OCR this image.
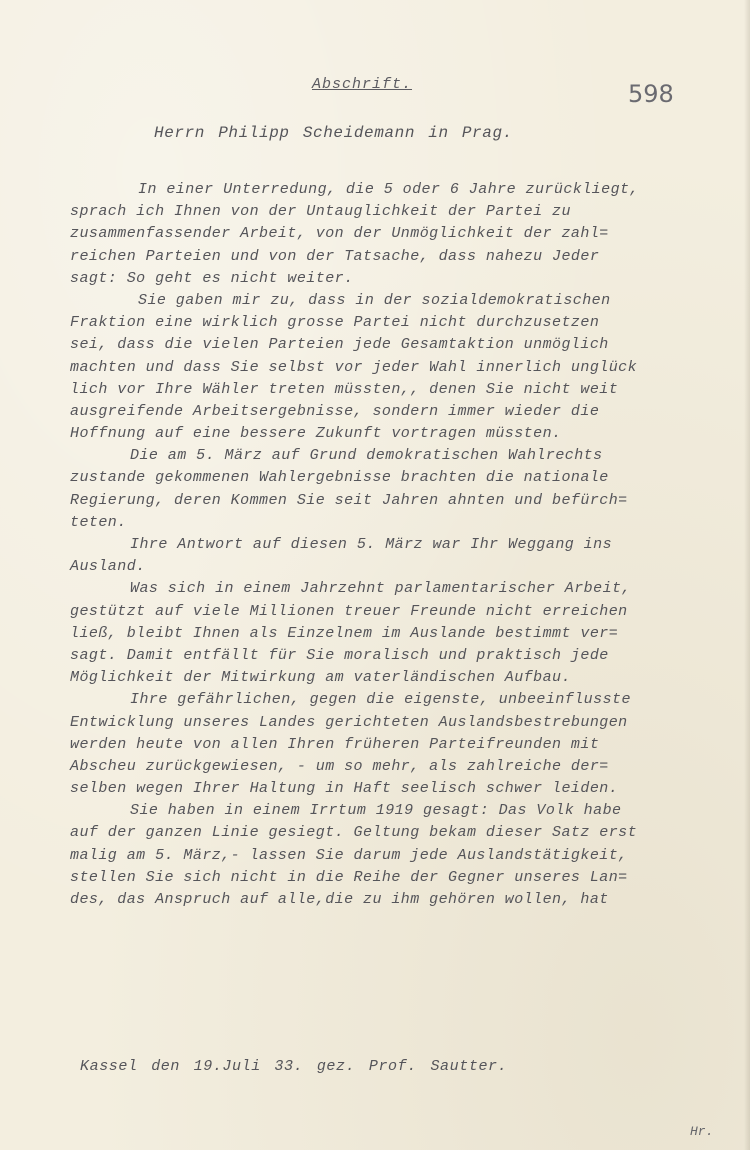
Abschrift.	598
Herrn Philipp Scheidemann in Prag.
In einer Unterredung, die 5 oder 6 Jahre zurückliegt,
sprach ich Ihnen von der Untauglichkeit der Partei zu
zusammenfassender Arbeit, von der Unmöglichkeit der zahl=
reichen Parteien und von der Tatsache, dass nahezu Jeder
sagt: So geht es nicht weiter.
Sie gaben mir zu, dass in der sozialdemokratischen
Fraktion eine wirklich grosse Partei nicht durchzusetzen
sei, dass die vielen Parteien jede Gesamtaktion unmöglich
machten und dass Sie selbst vor jeder Wahl innerlich unglück
lich vor Ihre Wähler treten müssten,, denen Sie nicht weit
ausgreifende Arbeitsergebnisse, sondern immer wieder die
Hoffnung auf eine bessere Zukunft vortragen müssten.
Die am 5. März auf Grund demokratischen Wahlrechts
zustande gekommenen Wahlergebnisse brachten die nationale
Regierung, deren Kommen Sie seit Jahren ahnten und befürch=
teten.
Ihre Antwort auf diesen 5. März war Ihr Weggang ins
Ausland.
Was sich in einem Jahrzehnt parlamentarischer Arbeit,
gestützt auf viele Millionen treuer Freunde nicht erreichen
ließ, bleibt Ihnen als Einzelnem im Auslande bestimmt ver=
sagt. Damit entfällt für Sie moralisch und praktisch jede
Möglichkeit der Mitwirkung am vaterländischen Aufbau.
Ihre gefährlichen, gegen die eigenste, unbeeinflusste
Entwicklung unseres Landes gerichteten Auslandsbestrebungen
werden heute von allen Ihren früheren Parteifreunden mit
Abscheu zurückgewiesen, - um so mehr, als zahlreiche der=
selben wegen Ihrer Haltung in Haft seelisch schwer leiden.
Sie haben in einem Irrtum 1919 gesagt: Das Volk habe
auf der ganzen Linie gesiegt. Geltung bekam dieser Satz erst
malig am 5. März,- lassen Sie darum jede Auslandstätigkeit,
stellen Sie sich nicht in die Reihe der Gegner unseres Lan=
des, das Anspruch auf alle,die zu ihm gehören wollen, hat
Kassel den 19.Juli 33. gez. Prof. Sautter.
Hr.
